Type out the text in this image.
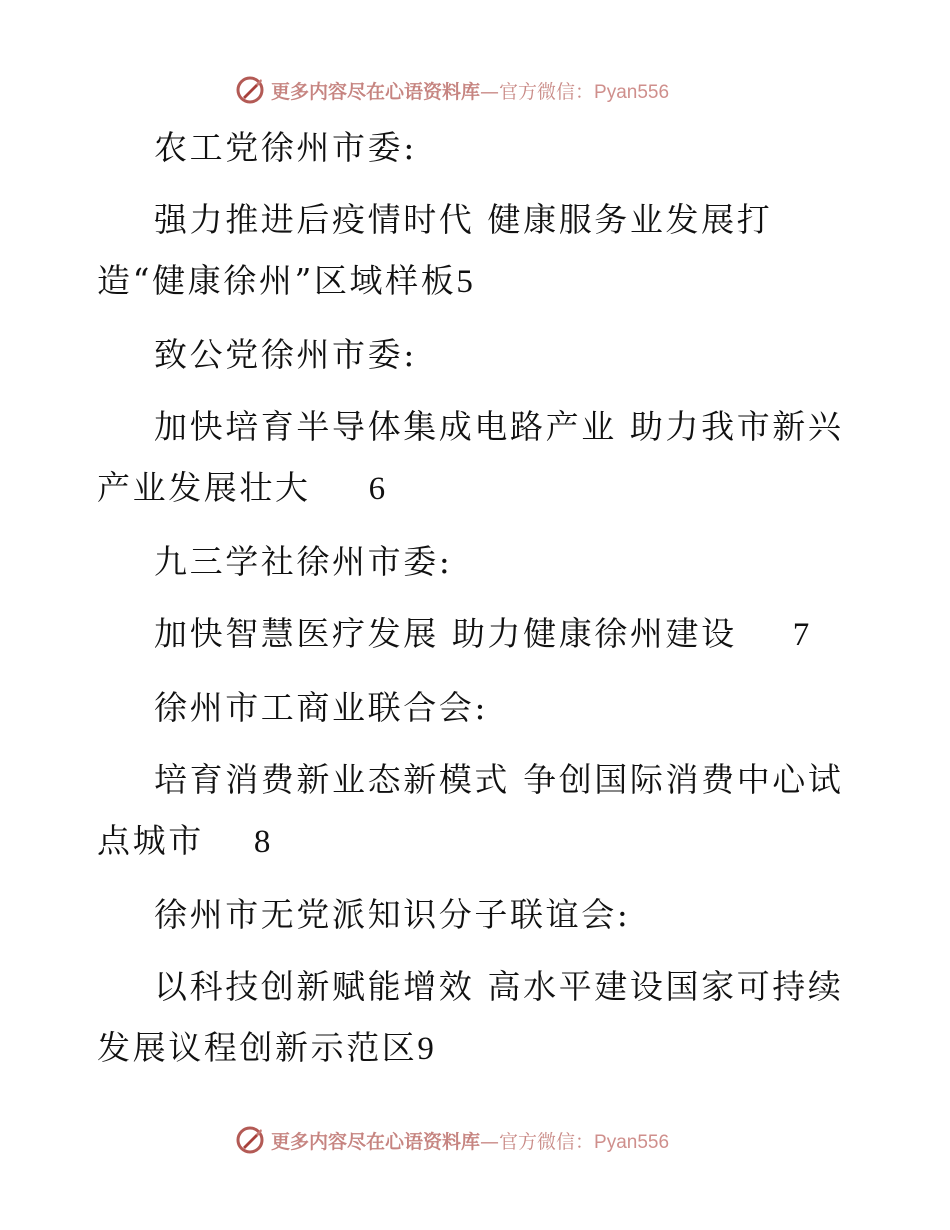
更多内容尽在心语资料库—官方微信：Pyan556

农工党徐州市委:

强力推进后疫情时代 健康服务业发展打造“健康徐州”区域样板5

致公党徐州市委:

加快培育半导体集成电路产业 助力我市新兴产业发展壮大 6

九三学社徐州市委:

加快智慧医疗发展 助力健康徐州建设 7

徐州市工商业联合会:

培育消费新业态新模式 争创国际消费中心试点城市 8

徐州市无党派知识分子联谊会:

以科技创新赋能增效 高水平建设国家可持续发展议程创新示范区9

更多内容尽在心语资料库—官方微信：Pyan556
